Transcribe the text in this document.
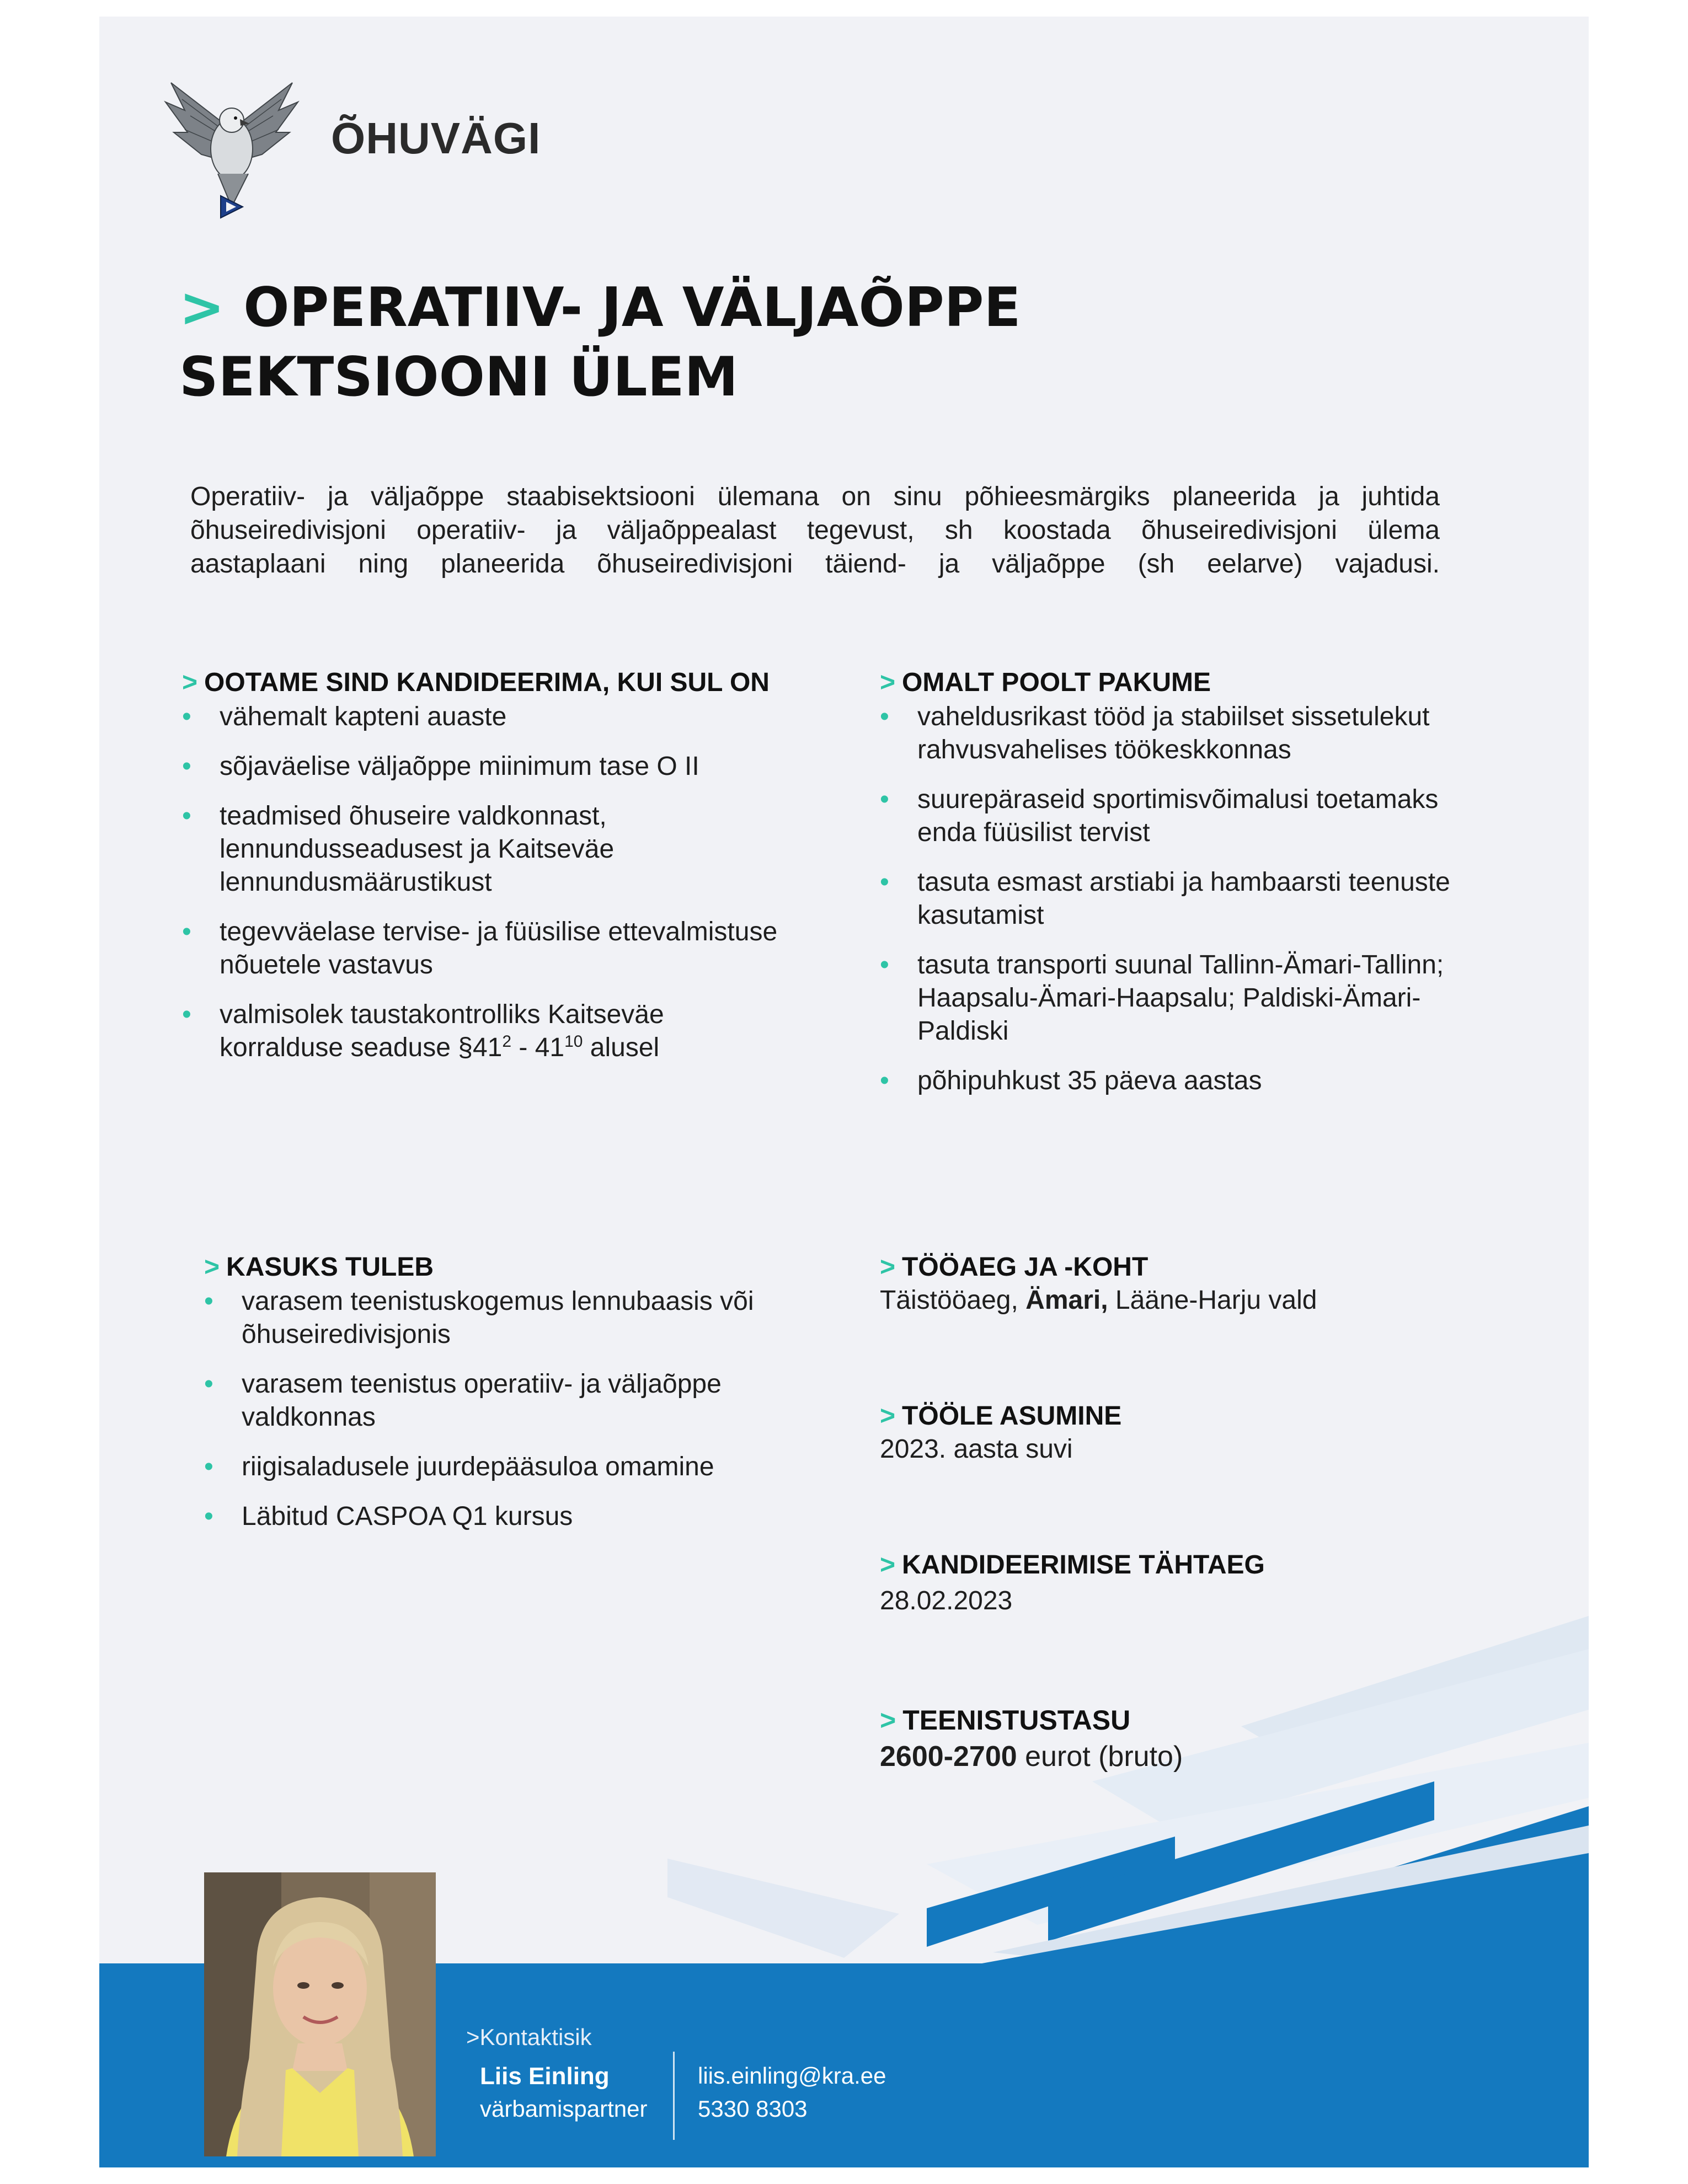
ÕHUVÄGI
> OPERATIIV- JA VÄLJAÕPPE
SEKTSIOONI ÜLEM
Operatiiv- ja väljaõppe staabisektsiooni ülemana on sinu põhieesmärgiks planeerida ja juhtida
õhuseiredivisjoni operatiiv- ja väljaõppealast tegevust, sh koostada õhuseiredivisjoni ülema
aastaplaani ning planeerida õhuseiredivisjoni täiend- ja väljaõppe (sh eelarve) vajadusi.
> OOTAME SIND KANDIDEERIMA, KUI SUL ON
• vähemalt kapteni auaste
• sõjaväelise väljaõppe miinimum tase O II
• teadmised õhuseire valdkonnast, lennundusseadusest ja Kaitseväe lennundusmäärustikust
• tegevväelase tervise- ja füüsilise ettevalmistuse nõuetele vastavus
• valmisolek taustakontrolliks Kaitseväe
korralduse seaduse $\S 41^2 - 41^{10}$ alusel
> OMALT POOLT PAKUME
• vaheldusrikast tööd ja stabiilset sissetulekut rahvusvahelises töökeskkonnas
• suurepäraseid sportimisvõimalusi toetamaks enda füüsilist tervist
• tasuta esmast arstiabi ja hambaarsti teenuste kasutamist
• tasuta transporti suunal Tallinn-Ämari-Tallinn; Haapsalu-Ämari-Haapsalu; Paldiski-Ämari-Paldiski
• põhipuhkust 35 päeva aastas
> KASUKS TULEB
• varasem teenistuskogemus lennubaasis või õhuseiredivisjonis
• varasem teenistus operatiiv- ja väljaõppe valdkonnas
• riigisaladusele juurdepääsuloa omamine
• Läbitud CASPOA Q1 kursus
> TÖÖAEG JA -KOHT
Täistööaeg, Ämari, Lääne-Harju vald
> TÖÖLE ASUMINE
2023. aasta suvi
> KANDIDEERIMISE TÄHTAEG
28.02.2023
> TEENISTUSTASU
2600-2700 eurot (bruto)
>Kontaktisik
Liis Einling
värbamispartner
liis.einling@kra.ee
5330 8303
